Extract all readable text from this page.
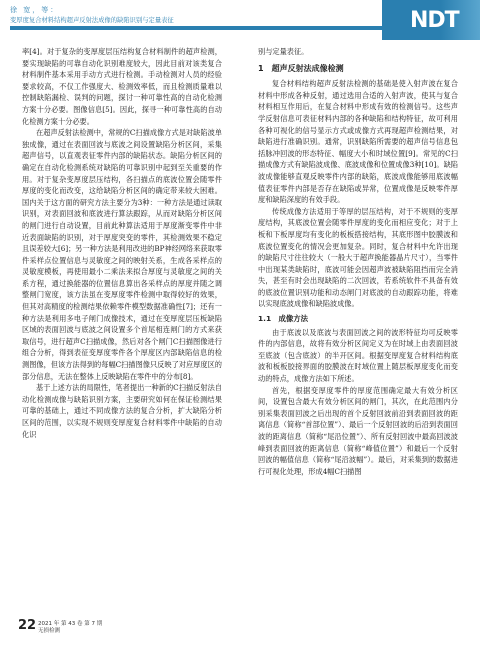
徐 宽，等：
变厚度复合材料结构超声反射法成像的缺陷识别与定量表征	NDT

率[4]。对于复杂的变厚度层压结构复合材料制件的超声检测，要实现缺陷的可靠自动化识别难度较大，因此目前对该类复合材料制件基本采用手动方式进行检测。手动检测对人员的经验要求较高，不仅工作强度大、检测效率低，而且检测质量难以控制缺陷漏检、误判的问题，探讨一种可靠性高的自动化检测方案十分必要。图像信息[5]。因此，探寻一种可靠性高的自动化检测方案十分必要。

在超声反射法检测中，常规的C扫描成像方式是对缺陷波单独成像，通过在表面回波与底波之间设置缺陷分析区间，采集超声信号，以直观表征零件内部的缺陷状态。缺陷分析区间的确定在自动化检测系统对缺陷的可靠识别中起到至关重要的作用。对于复杂变厚度层压结构，各扫描点的底波位置会随零件厚度的变化而改变，这给缺陷分析区间的确定带来较大困难。国内关于这方面的研究方法主要分为3种：一种方法是通过读取识别，对表面回波和底波进行算法跟踪，从而对缺陷分析区间的闸门进行自动设置，目前此种算法适用于厚度渐变零件中非近表面缺陷的识别，对于厚度突变的零件，其检测效果不稳定且误差较大[6]；另一种方法是利用改进的BP神经网络来获取零件采样点位置信息与灵敏度之间的映射关系，生成各采样点的灵敏度模板，再使用最小二乘法来拟合厚度与灵敏度之间的关系方程，通过换能器的位置信息算出各采样点的厚度并随之调整闸门宽度，该方法虽在变厚度零件检测中取得较好的效果，但其对高精度的检测结果依赖零件模型数据准确性[7]；还有一种方法是利用多电子闸门成像技术，通过在变厚度层压板缺陷区域的表面回波与底波之间设置多个首尾相连闸门的方式来获取信号，进行超声C扫描成像，然后对各个闸门C扫描图像进行组合分析，得到表征变厚度零件各个厚度区内部缺陷信息的检测图像，但该方法得到的每幅C扫描图像只反映了对应厚度区的部分信息，无法在整体上反映缺陷在零件中的分布[8]。

基于上述方法的局限性，笔者提出一种新的C扫描反射法自动化检测成像与缺陷识别方案，主要研究如何在保证检测结果可靠的基础上，通过不同成像方法的复合分析，扩大缺陷分析区间的范围，以实现不规则变厚度复合材料零件中缺陷的自动化识

别与定量表征。

1　超声反射法成像检测

复合材料结构超声反射法检测的基础是使入射声波在复合材料中形成各种反射，通过选用合适的入射声波，使其与复合材料相互作用后，在复合材料中形成有效的检测信号。这些声学反射信息可表征材料内部的各种缺陷和结构特征，故可利用各种可视化的信号显示方式或成像方式再现超声检测结果，对缺陷进行准确识别。通常，识别缺陷所需要的超声信号信息包括脉冲回波的形态特征、幅度大小和时域位置[9]。常见的C扫描成像方式有缺陷波成像、底波成像和位置成像3种[10]。缺陷波成像能够直观反映零件内部的缺陷，底波成像能够用底波幅值表征零件内部是否存在缺陷或异常，位置成像是反映零件厚度和缺陷深度的有效手段。

传统成像方法适用于等厚的层压结构，对于不规则的变厚度结构，其底波位置会随零件厚度的变化而相应变化；对于上板和下板厚度均有变化的板板搭接结构，其底形图中胶膜波和底波位置变化的情况会更加复杂。同时，复合材料中允许出现的缺陷尺寸往往较大（一般大于超声换能器晶片尺寸），当零件中出现某类缺陷时，底波可能会因超声波被缺陷阻挡而完全消失，甚至有时会出现缺陷的二次回波，若系统软件不具备有效的底波位置识别功能和动态闸门对底波的自动跟踪功能，将难以实现底波成像和缺陷波成像。

1.1　成像方法

由于底波以及底波与表面回波之间的波形特征均可反映零件的内部信息，故将有效分析区间定义为在时域上由表面回波至底波（包含底波）的半开区间。根据变厚度复合材料结构底波和板板胶接界面的胶膜波在时域位置上随层板厚度变化而变动的特点，成像方法如下所述。

首先，根据变厚度零件的厚度范围确定最大有效分析区间，设置包含最大有效分析区间的闸门，其次，在此范围内分别采集表面回波之后出现的首个反射回波前沿到表面回波的距离信息（简称“首部位置”）、最后一个反射回波的后沿到表面回波的距离信息（简称“尾沿位置”）、所有反射回波中最高回波波峰到表面回波的距离信息（简称“峰值位置”）和最后一个反射回波的幅值信息（简称“尾沿波幅”）。最后，对采集到的数据进行可视化处理，形成4幅C扫描图

22 2021 年 第 43 卷 第 7 期
无损检测
